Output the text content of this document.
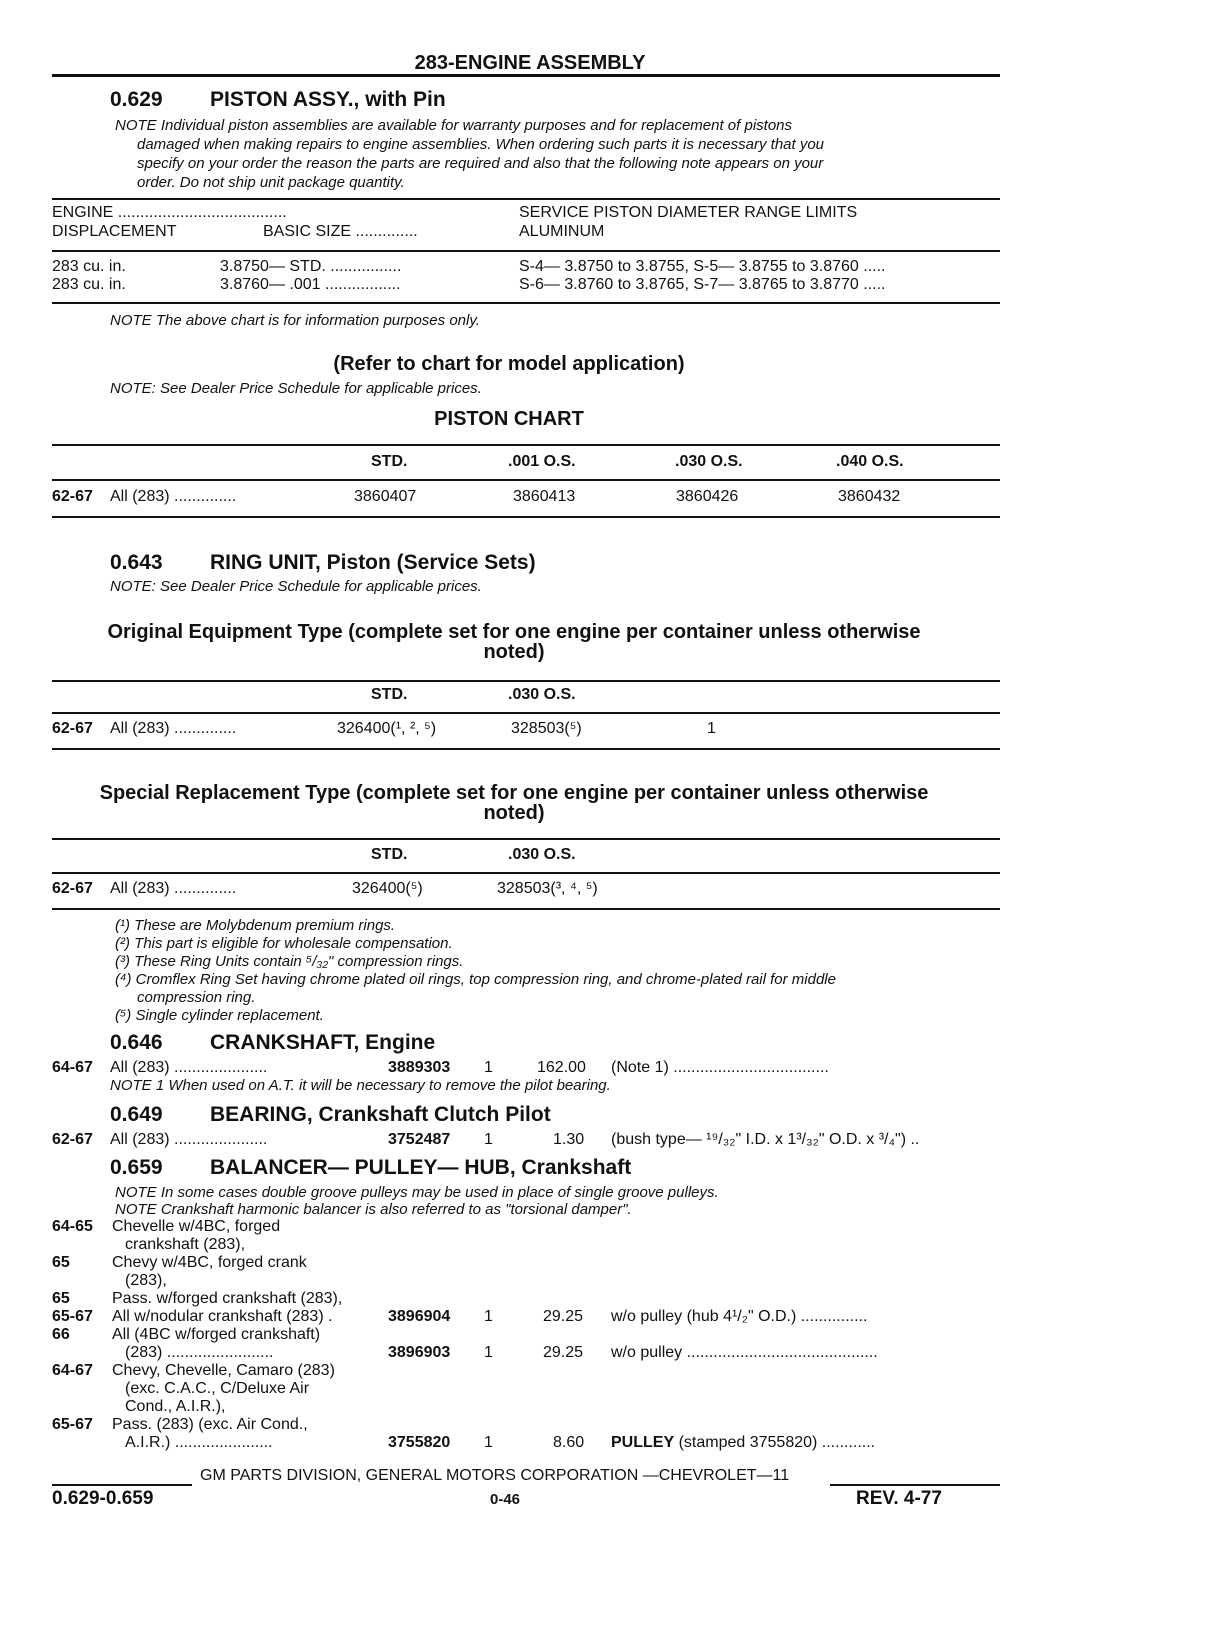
283-ENGINE ASSEMBLY
0.629 PISTON ASSY., with Pin
NOTE Individual piston assemblies are available for warranty purposes and for replacement of pistons
damaged when making repairs to engine assemblies. When ordering such parts it is necessary that you
specify on your order the reason the parts are required and also that the following note appears on your
order. Do not ship unit package quantity.
ENGINE ......................................	SERVICE PISTON DIAMETER RANGE LIMITS
DISPLACEMENT	BASIC SIZE ..............	ALUMINUM
283 cu. in.	3.8750— STD. ................	S-4— 3.8750 to 3.8755, S-5— 3.8755 to 3.8760 .....
283 cu. in.	3.8760— .001 .................	S-6— 3.8760 to 3.8765, S-7— 3.8765 to 3.8770 .....
NOTE The above chart is for information purposes only.
(Refer to chart for model application)
NOTE: See Dealer Price Schedule for applicable prices.
PISTON CHART
STD.	.001 O.S.	.030 O.S.	.040 O.S.
62-67 All (283) ..............	3860407	3860413	3860426	3860432
0.643 RING UNIT, Piston (Service Sets)
NOTE: See Dealer Price Schedule for applicable prices.
Original Equipment Type (complete set for one engine per container unless otherwise
noted)
STD.	.030 O.S.
62-67 All (283) ..............	326400(¹, ², ⁵)	328503(⁵)	1
Special Replacement Type (complete set for one engine per container unless otherwise
noted)
STD.	.030 O.S.
62-67 All (283) ..............	326400(⁵)	328503(³, ⁴, ⁵)
(¹) These are Molybdenum premium rings.
(²) This part is eligible for wholesale compensation.
(³) These Ring Units contain ⁵/₃₂" compression rings.
(⁴) Cromflex Ring Set having chrome plated oil rings, top compression ring, and chrome-plated rail for middle
compression ring.
(⁵) Single cylinder replacement.
0.646 CRANKSHAFT, Engine
64-67 All (283) .....................	3889303 1	162.00 (Note 1) ...................................
NOTE 1 When used on A.T. it will be necessary to remove the pilot bearing.
0.649 BEARING, Crankshaft Clutch Pilot
62-67 All (283) .....................	3752487 1	1.30 (bush type— ¹⁹/₃₂" I.D. x 1³/₃₂" O.D. x ³/₄") ..
0.659 BALANCER— PULLEY— HUB, Crankshaft
NOTE In some cases double groove pulleys may be used in place of single groove pulleys.
NOTE Crankshaft harmonic balancer is also referred to as "torsional damper".
64-65 Chevelle w/4BC, forged
crankshaft (283),
65	Chevy w/4BC, forged crank
(283),
65	Pass. w/forged crankshaft (283),
65-67 All w/nodular crankshaft (283) .	3896904 1	29.25 w/o pulley (hub 4¹/₂" O.D.) ...............
66	All (4BC w/forged crankshaft)
(283) ........................	3896903 1	29.25 w/o pulley ...........................................
64-67 Chevy, Chevelle, Camaro (283)
(exc. C.A.C., C/Deluxe Air
Cond., A.I.R.),
65-67 Pass. (283) (exc. Air Cond.,
A.I.R.) ......................	3755820 1	8.60 PULLEY (stamped 3755820) ............
GM PARTS DIVISION, GENERAL MOTORS CORPORATION —CHEVROLET—11
0.629-0.659	0-46	REV. 4-77
